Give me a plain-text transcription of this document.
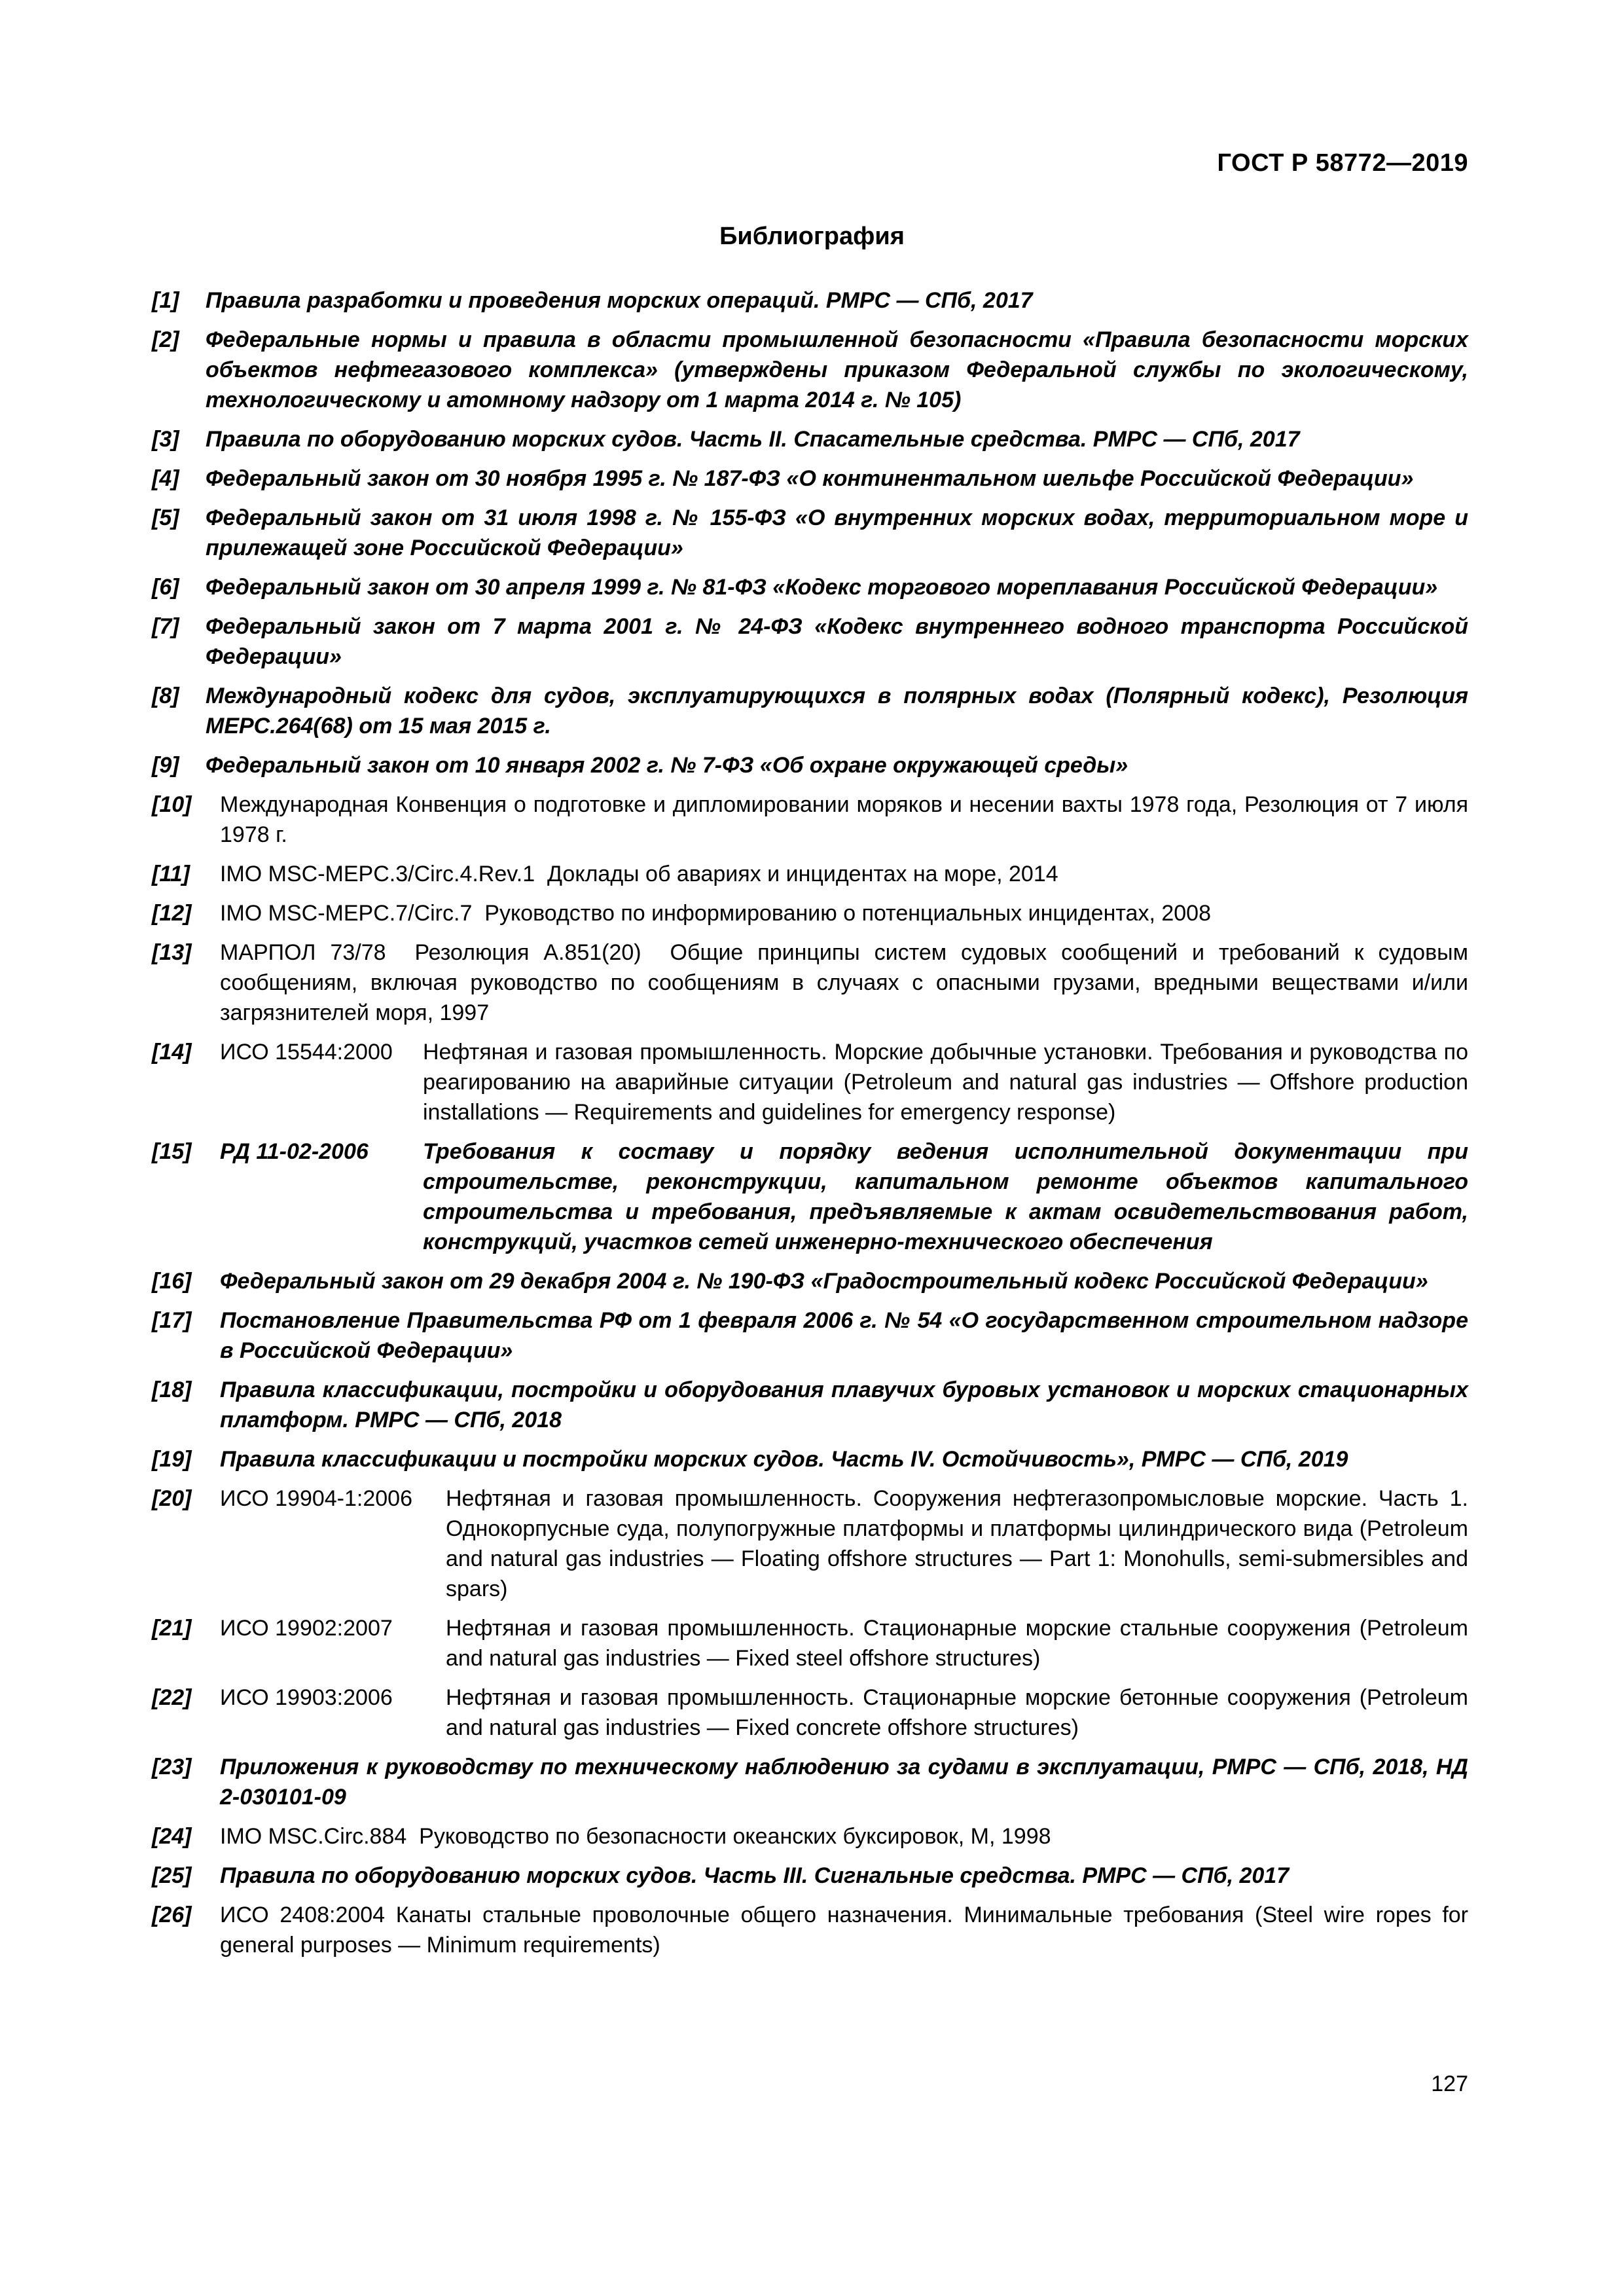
ГОСТ Р 58772—2019
Библиография
[1]	Правила разработки и проведения морских операций. РМРС — СПб, 2017
[2]	Федеральные нормы и правила в области промышленной безопасности «Правила безопасности морских объектов нефтегазового комплекса» (утверждены приказом Федеральной службы по экологическому, технологическому и атомному надзору от 1 марта 2014 г. № 105)
[3]	Правила по оборудованию морских судов. Часть II. Спасательные средства. РМРС — СПб, 2017
[4]	Федеральный закон от 30 ноября 1995 г. № 187-ФЗ «О континентальном шельфе Российской Федерации»
[5]	Федеральный закон от 31 июля 1998 г. № 155-ФЗ «О внутренних морских водах, территориальном море и прилежащей зоне Российской Федерации»
[6]	Федеральный закон от 30 апреля 1999 г. № 81-ФЗ «Кодекс торгового мореплавания Российской Федерации»
[7]	Федеральный закон от 7 марта 2001 г. № 24-ФЗ «Кодекс внутреннего водного транспорта Российской Федерации»
[8]	Международный кодекс для судов, эксплуатирующихся в полярных водах (Полярный кодекс), Резолюция МЕРС.264(68) от 15 мая 2015 г.
[9]	Федеральный закон от 10 января 2002 г. № 7-ФЗ «Об охране окружающей среды»
[10]	Международная Конвенция о подготовке и дипломировании моряков и несении вахты 1978 года, Резолюция от 7 июля 1978 г.
[11]	IMO MSC-MEPC.3/Circ.4.Rev.1 Доклады об авариях и инцидентах на море, 2014
[12]	IMO MSC-MEPC.7/Circ.7 Руководство по информированию о потенциальных инцидентах, 2008
[13]	МАРПОЛ 73/78 Резолюция А.851(20) Общие принципы систем судовых сообщений и требований к судовым сообщениям, включая руководство по сообщениям в случаях с опасными грузами, вредными веществами и/или загрязнителей моря, 1997
[14]	ИСО 15544:2000	Нефтяная и газовая промышленность. Морские добычные установки. Требования и руководства по реагированию на аварийные ситуации (Petroleum and natural gas industries — Offshore production installations — Requirements and guidelines for emergency response)
[15]	РД 11-02-2006	Требования к составу и порядку ведения исполнительной документации при строительстве, реконструкции, капитальном ремонте объектов капитального строительства и требования, предъявляемые к актам освидетельствования работ, конструкций, участков сетей инженерно-технического обеспечения
[16]	Федеральный закон от 29 декабря 2004 г. № 190-ФЗ «Градостроительный кодекс Российской Федерации»
[17]	Постановление Правительства РФ от 1 февраля 2006 г. № 54 «О государственном строительном надзоре в Российской Федерации»
[18]	Правила классификации, постройки и оборудования плавучих буровых установок и морских стационарных платформ. РМРС — СПб, 2018
[19]	Правила классификации и постройки морских судов. Часть IV. Остойчивость», РМРС — СПб, 2019
[20]	ИСО 19904-1:2006	Нефтяная и газовая промышленность. Сооружения нефтегазопромысловые морские. Часть 1. Однокорпусные суда, полупогружные платформы и платформы цилиндрического вида (Petroleum and natural gas industries — Floating offshore structures — Part 1: Monohulls, semi-submersibles and spars)
[21]	ИСО 19902:2007	Нефтяная и газовая промышленность. Стационарные морские стальные сооружения (Petroleum and natural gas industries — Fixed steel offshore structures)
[22]	ИСО 19903:2006	Нефтяная и газовая промышленность. Стационарные морские бетонные сооружения (Petroleum and natural gas industries — Fixed concrete offshore structures)
[23]	Приложения к руководству по техническому наблюдению за судами в эксплуатации, РМРС — СПб, 2018, НД 2-030101-09
[24]	IMO MSC.Circ.884 Руководство по безопасности океанских буксировок, М, 1998
[25]	Правила по оборудованию морских судов. Часть III. Сигнальные средства. РМРС — СПб, 2017
[26]	ИСО 2408:2004 Канаты стальные проволочные общего назначения. Минимальные требования (Steel wire ropes for general purposes — Minimum requirements)
127
